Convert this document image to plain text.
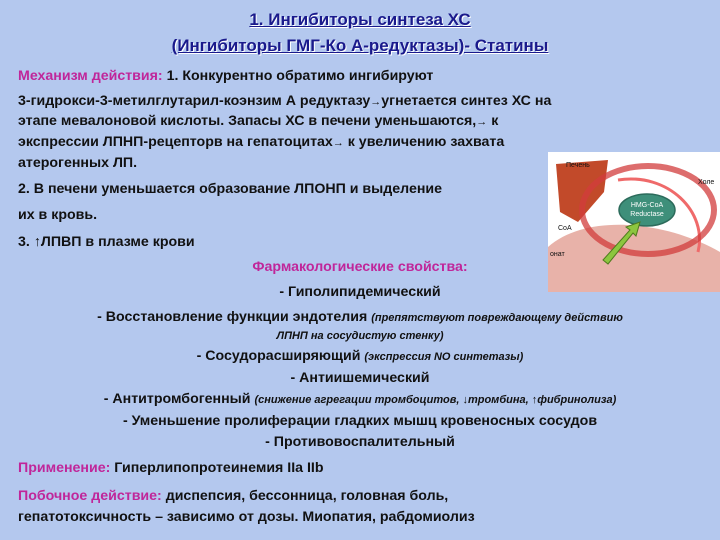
1. Ингибиторы синтеза ХС
(Ингибиторы ГМГ-Ко А-редуктазы)- Статины
Механизм действия: 1. Конкурентно обратимо ингибируют
3-гидрокси-3-метилглутарил-коэнзим А редуктазу→угнетается синтез ХС на
этапе мевалоновой кислоты. Запасы ХС в печени уменьшаются,→ к
экспрессии ЛПНП-рецепторв на гепатоцитах→ к увеличению захвата
атерогенных ЛП.
2. В печени уменьшается образование ЛПОНП и выделение
их в кровь.
3. ↑ЛПВП в плазме крови
Фармакологические свойства:
- Гиполипидемический
- Восстановление функции эндотелия (препятствуют повреждающему действию
ЛПНП на сосудистую стенку)
- Сосудорасширяющий (экспрессия NO синтетазы)
- Антиишемический
- Антитромбогенный (снижение агрегации тромбоцитов, ↓тромбина, ↑фибринолиза)
- Уменьшение пролиферации гладких мышц кровеносных сосудов
- Противовоспалительный
Применение: Гиперлипопротеинемия IIa IIb
Побочное действие: диспепсия, бессонница, головная боль,
гепатотоксичность – зависимо от дозы. Миопатия, рабдомиолиз
HMG-CoA
Reductase
Печень
Холе
CoA
онат
